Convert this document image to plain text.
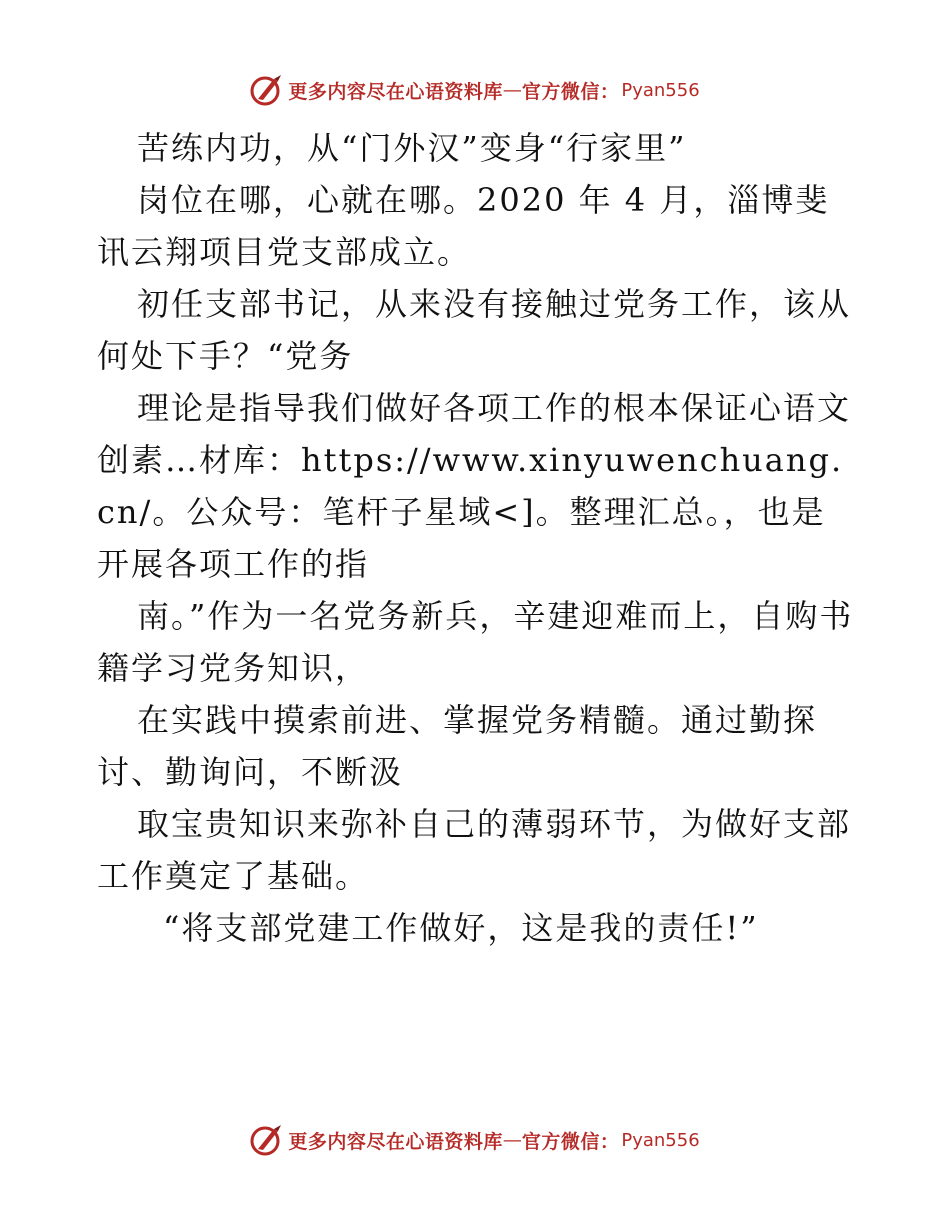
更多内容尽在心语资料库 — 官方微信： Pyan556

苦练内功，从“门外汉”变身“行家里”

岗位在哪，心就在哪。2020 年 4 月，淄博斐讯云翔项目党支部成立。

初任支部书记，从来没有接触过党务工作，该从何处下手？“党务

理论是指导我们做好各项工作的根本保证心语文创素…材库：https://www.xinyuwenchuang.cn/。公众号：笔杆子星域<]。整理汇总。，也是开展各项工作的指

南。”作为一名党务新兵，辛建迎难而上，自购书籍学习党务知识，

在实践中摸索前进、掌握党务精髓。通过勤探讨、勤询问，不断汲

取宝贵知识来弥补自己的薄弱环节，为做好支部工作奠定了基础。

“将支部党建工作做好，这是我的责任!”

更多内容尽在心语资料库 — 官方微信： Pyan556
